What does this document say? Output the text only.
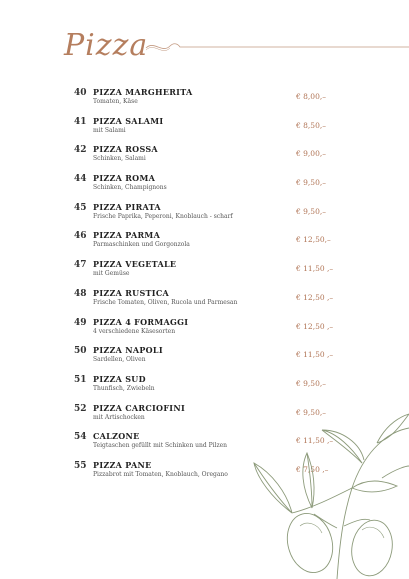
Pizza
40 PIZZA MARGHERITA
Tomaten, Käse
€ 8,00,–
41 PIZZA SALAMI
mit Salami
€ 8,50,–
42 PIZZA ROSSA
Schinken, Salami
€ 9,00,–
44 PIZZA ROMA
Schinken, Champignons
€ 9,50,–
45 PIZZA PIRATA
Frische Paprika, Peperoni, Knoblauch - scharf
€ 9,50,–
46 PIZZA PARMA
Parmaschinken und Gorgonzola
€ 12,50,–
47 PIZZA VEGETALE
mit Gemüse
€ 11,50 ,–
48 PIZZA RUSTICA
Frische Tomaten, Oliven, Rucola und Parmesan
€ 12,50 ,–
49 PIZZA 4 FORMAGGI
4 verschiedene Käsesorten
€ 12,50 ,–
50 PIZZA NAPOLI
Sardellen, Oliven
€ 11,50 ,–
51 PIZZA SUD
Thunfisch, Zwiebeln
€ 9,50,–
52 PIZZA CARCIOFINI
mit Artischocken
€ 9,50,–
54 CALZONE
Teigtaschen gefüllt mit Schinken und Pilzen
€ 11,50 ,–
55 PIZZA PANE
Pizzabrot mit Tomaten, Knoblauch, Oregano
€ 7,50 ,–
